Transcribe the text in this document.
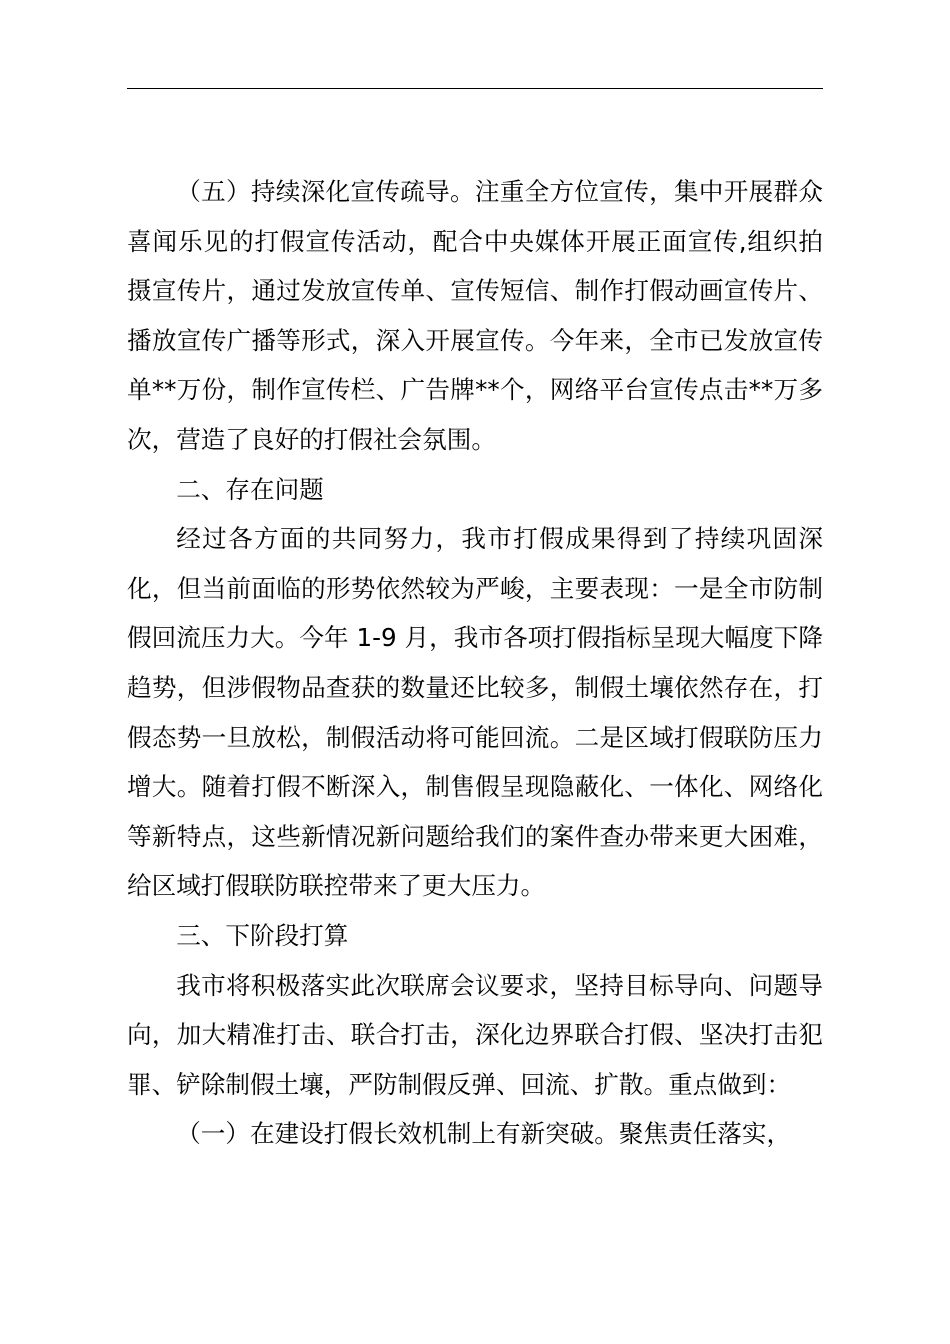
（五）持续深化宣传疏导。注重全方位宣传，集中开展群众喜闻乐见的打假宣传活动，配合中央媒体开展正面宣传,组织拍摄宣传片，通过发放宣传单、宣传短信、制作打假动画宣传片、播放宣传广播等形式，深入开展宣传。今年来，全市已发放宣传单**万份，制作宣传栏、广告牌**个，网络平台宣传点击**万多次，营造了良好的打假社会氛围。

二、存在问题

经过各方面的共同努力，我市打假成果得到了持续巩固深化，但当前面临的形势依然较为严峻，主要表现：一是全市防制假回流压力大。今年 1-9 月，我市各项打假指标呈现大幅度下降趋势，但涉假物品查获的数量还比较多，制假土壤依然存在，打假态势一旦放松，制假活动将可能回流。二是区域打假联防压力增大。随着打假不断深入，制售假呈现隐蔽化、一体化、网络化等新特点，这些新情况新问题给我们的案件查办带来更大困难，给区域打假联防联控带来了更大压力。

三、下阶段打算

我市将积极落实此次联席会议要求，坚持目标导向、问题导向，加大精准打击、联合打击，深化边界联合打假、坚决打击犯罪、铲除制假土壤，严防制假反弹、回流、扩散。重点做到：

（一）在建设打假长效机制上有新突破。聚焦责任落实，
